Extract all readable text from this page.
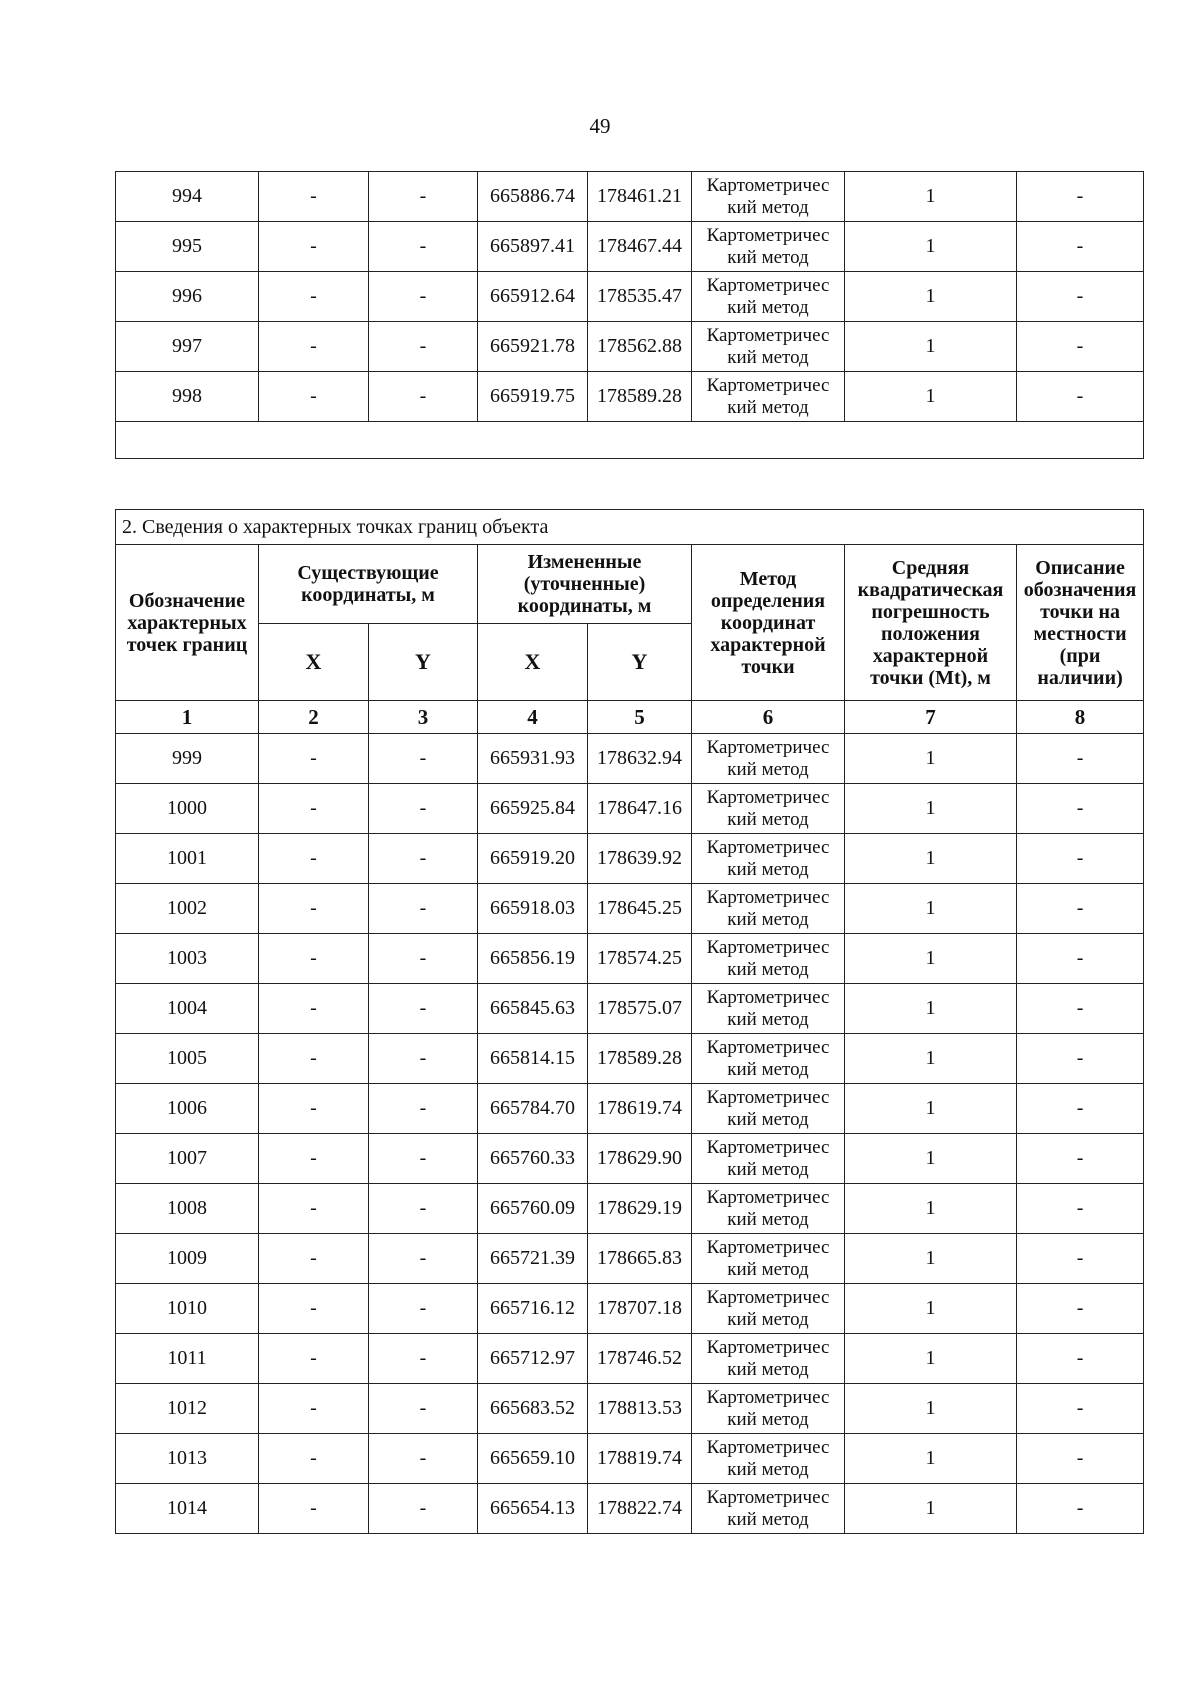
49
994	-	-	665886.74	178461.21	Картометричес кий метод	1	-
995	-	-	665897.41	178467.44	Картометричес кий метод	1	-
996	-	-	665912.64	178535.47	Картометричес кий метод	1	-
997	-	-	665921.78	178562.88	Картометричес кий метод	1	-
998	-	-	665919.75	178589.28	Картометричес кий метод	1	-

2. Сведения о характерных точках границ объекта							
Обозначение характерных точек границ	Существующие координаты, м		Измененные (уточненные) координаты, м		Метод определения координат характерной точки	Средняя квадратическая погрешность положения характерной точки (Mt), м	Описание обозначения точки на местности (при наличии)
	X	Y	X	Y			
1	2	3	4	5	6	7	8
999	-	-	665931.93	178632.94	Картометричес кий метод	1	-
1000	-	-	665925.84	178647.16	Картометричес кий метод	1	-
1001	-	-	665919.20	178639.92	Картометричес кий метод	1	-
1002	-	-	665918.03	178645.25	Картометричес кий метод	1	-
1003	-	-	665856.19	178574.25	Картометричес кий метод	1	-
1004	-	-	665845.63	178575.07	Картометричес кий метод	1	-
1005	-	-	665814.15	178589.28	Картометричес кий метод	1	-
1006	-	-	665784.70	178619.74	Картометричес кий метод	1	-
1007	-	-	665760.33	178629.90	Картометричес кий метод	1	-
1008	-	-	665760.09	178629.19	Картометричес кий метод	1	-
1009	-	-	665721.39	178665.83	Картометричес кий метод	1	-
1010	-	-	665716.12	178707.18	Картометричес кий метод	1	-
1011	-	-	665712.97	178746.52	Картометричес кий метод	1	-
1012	-	-	665683.52	178813.53	Картометричес кий метод	1	-
1013	-	-	665659.10	178819.74	Картометричес кий метод	1	-
1014	-	-	665654.13	178822.74	Картометричес кий метод	1	-
